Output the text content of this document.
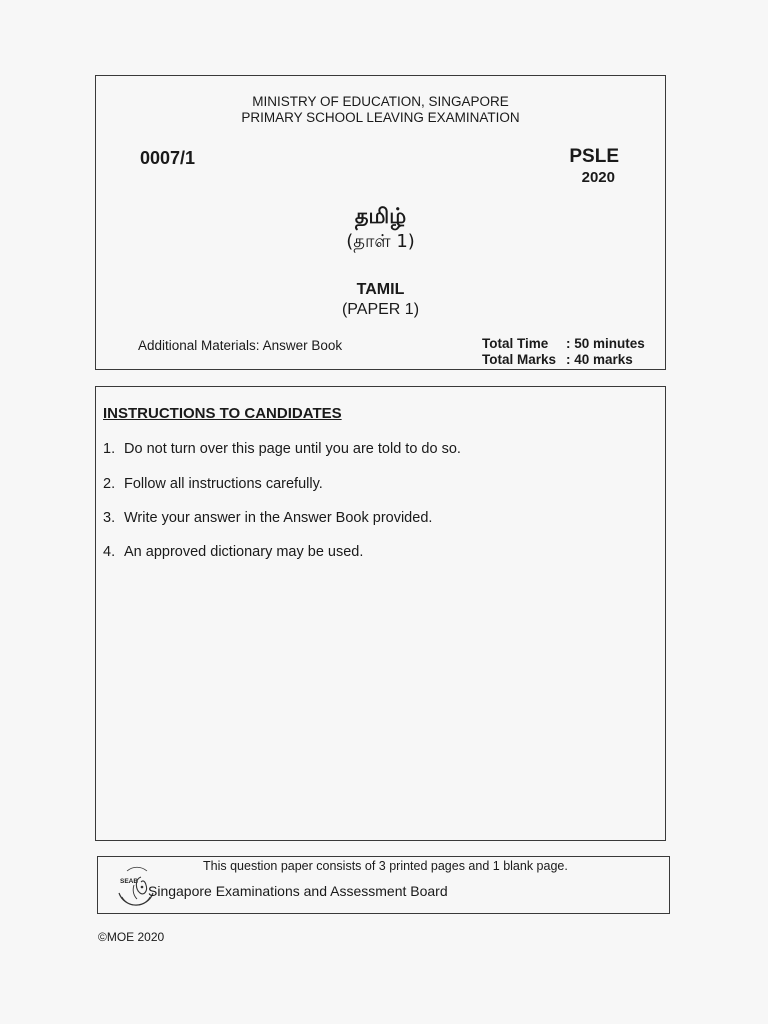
MINISTRY OF EDUCATION, SINGAPORE
PRIMARY SCHOOL LEAVING EXAMINATION
0007/1	PSLE
2020
தமிழ்
(தாள் 1)
TAMIL
(PAPER 1)
Additional Materials: Answer Book	Total Time	: 50 minutes
Total Marks : 40 marks
INSTRUCTIONS TO CANDIDATES
1. Do not turn over this page until you are told to do so.
2. Follow all instructions carefully.
3. Write your answer in the Answer Book provided.
4. An approved dictionary may be used.
SEAB
This question paper consists of 3 printed pages and 1 blank page.
Singapore Examinations and Assessment Board
©MOE 2020
